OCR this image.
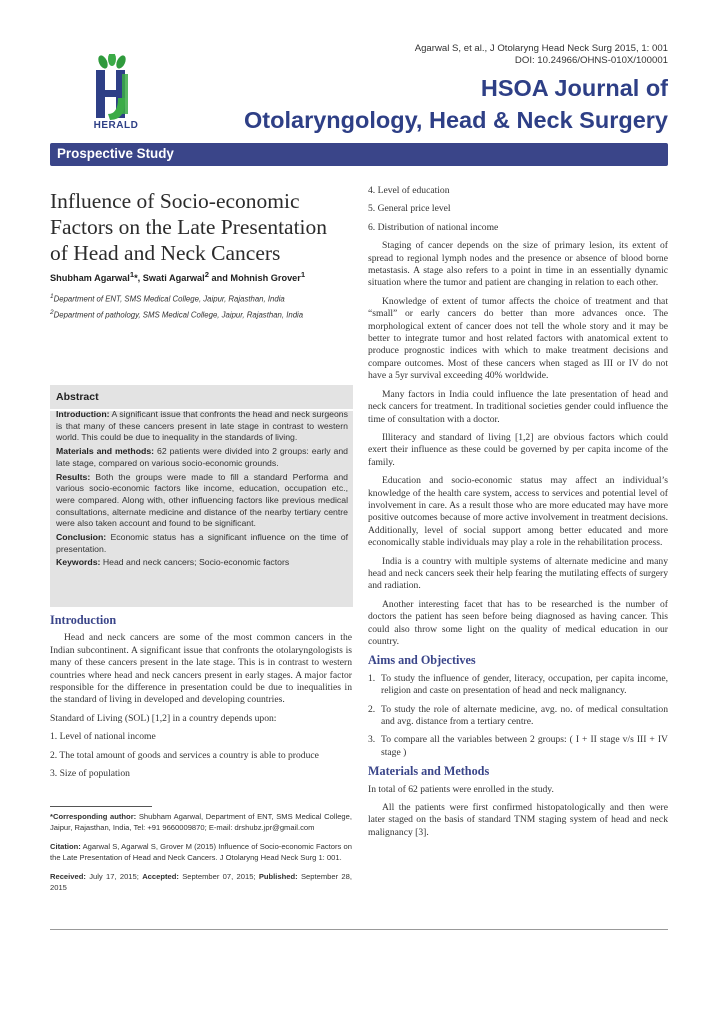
Agarwal S, et al., J Otolaryng Head Neck Surg 2015, 1: 001
DOI: 10.24966/OHNS-010X/100001
HERALD
HSOA Journal of
Otolaryngology, Head & Neck Surgery
Prospective Study
Influence of Socio-economic Factors on the Late Presentation of Head and Neck Cancers
Shubham Agarwal$^1$*, Swati Agarwal$^2$ and Mohnish Grover$^1$
$^1$Department of ENT, SMS Medical College, Jaipur, Rajasthan, India
$^2$Department of pathology, SMS Medical College, Jaipur, Rajasthan, India
Abstract

Introduction: A significant issue that confronts the head and neck surgeons is that many of these cancers present in late stage in contrast to western world. This could be due to inequality in the standards of living.

Materials and methods: 62 patients were divided into 2 groups: early and late stage, compared on various socio-economic grounds.

Results: Both the groups were made to fill a standard Performa and various socio-economic factors like income, education, occupation etc., were compared. Along with, other influencing factors like previous medical consultations, alternate medicine and distance of the nearby tertiary centre were also taken account and found to be significant.

Conclusion: Economic status has a significant influence on the time of presentation.

Keywords: Head and neck cancers; Socio-economic factors

Introduction

Head and neck cancers are some of the most common cancers in the Indian subcontinent. A significant issue that confronts the otolaryngologists is many of these cancers present in the late stage. This is in contrast to western countries where head and neck cancers present in early stages. A major factor responsible for the difference in presentation could be due to inequalities in the standard of living in developed and developing countries.

Standard of Living (SOL) [1,2] in a country depends upon:

1. Level of national income
2. The total amount of goods and services a country is able to produce
3. Size of population

*Corresponding author: Shubham Agarwal, Department of ENT, SMS Medical College, Jaipur, Rajasthan, India, Tel: +91 9660009870; E-mail: drshubz.jpr@gmail.com

Citation: Agarwal S, Agarwal S, Grover M (2015) Influence of Socio-economic Factors on the Late Presentation of Head and Neck Cancers. J Otolaryng Head Neck Surg 1: 001.

Received: July 17, 2015; Accepted: September 07, 2015; Published: September 28, 2015

4. Level of education
5. General price level
6. Distribution of national income

Staging of cancer depends on the size of primary lesion, its extent of spread to regional lymph nodes and the presence or absence of blood borne metastasis. A stage also refers to a point in time in an essentially dynamic situation where the tumor and patient are changing in relation to each other.

Knowledge of extent of tumor affects the choice of treatment and that “small” or early cancers do better than more advances once. The morphological extent of cancer does not tell the whole story and it may be better to integrate tumor and host related factors with anatomical extent to produce prognostic indices with which to make treatment decisions and compare outcomes. Most of these cancers when staged as III or IV do not have a 5yr survival exceeding 40% worldwide.

Many factors in India could influence the late presentation of head and neck cancers for treatment. In traditional societies gender could influence the time of consultation with a doctor.

Illiteracy and standard of living [1,2] are obvious factors which could exert their influence as these could be governed by per capita income of the family.

Education and socio-economic status may affect an individual’s knowledge of the health care system, access to services and potential level of involvement in care. As a result those who are more educated may have more positive outcomes because of more active involvement in treatment decisions. Additionally, level of social support among better educated and more economically stable individuals may play a role in the rehabilitation process.

India is a country with multiple systems of alternate medicine and many head and neck cancers seek their help fearing the mutilating effects of surgery and radiation.

Another interesting facet that has to be researched is the number of doctors the patient has seen before being diagnosed as having cancer. This could also throw some light on the quality of medical education in our country.

Aims and Objectives
1. To study the influence of gender, literacy, occupation, per capita income, religion and caste on presentation of head and neck malignancy.
2. To study the role of alternate medicine, avg. no. of medical consultation and avg. distance from a tertiary centre.
3. To compare all the variables between 2 groups: ( I + II stage v/s III + IV stage )
Materials and Methods

In total of 62 patients were enrolled in the study.

All the patients were first confirmed histopatologically and then were later staged on the basis of standard TNM staging system of head and neck malignancy [3].
